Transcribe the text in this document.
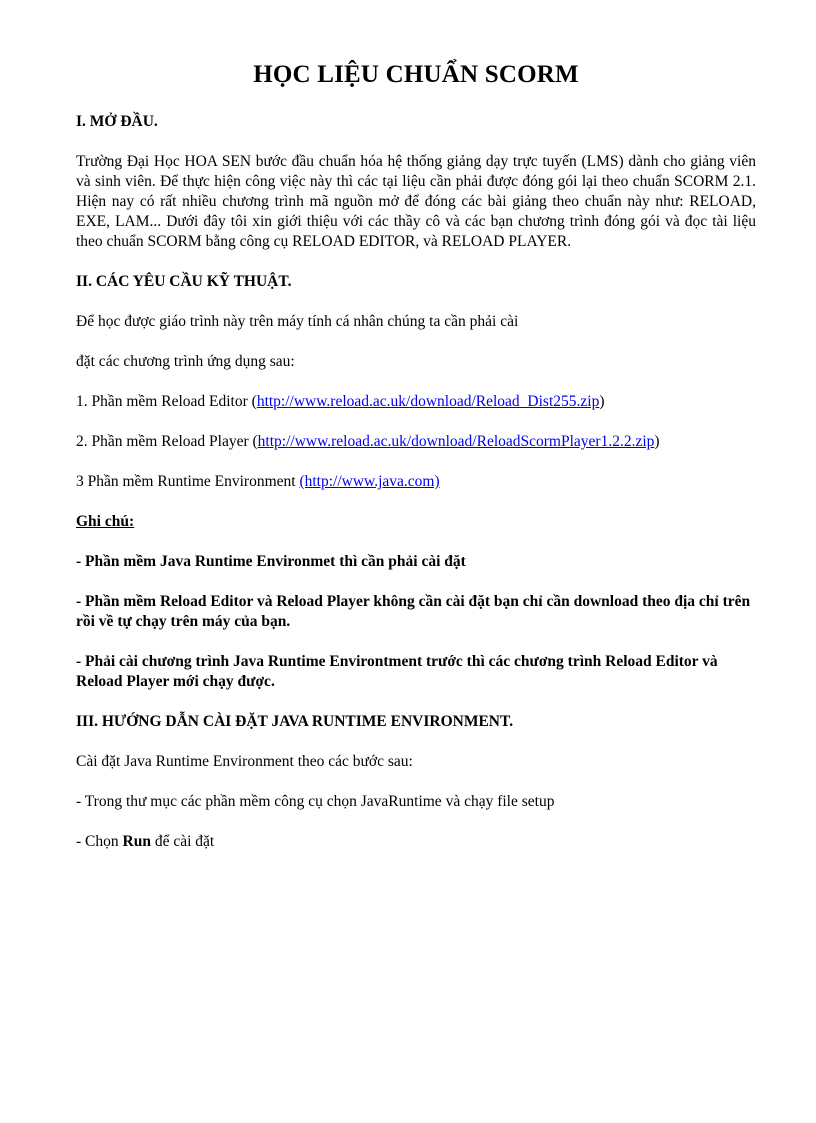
HỌC LIỆU CHUẨN SCORM

I. MỞ ĐẦU.

Trường Đại Học HOA SEN bước đầu chuẩn hóa hệ thống giảng dạy trực tuyến (LMS) dành cho giảng viên và sinh viên. Để thực hiện công việc này thì các tại liệu cần phải được đóng gói lại theo chuẩn SCORM 2.1. Hiện nay có rất nhiều chương trình mã nguồn mở để đóng các bài giảng theo chuẩn này như: RELOAD, EXE, LAM... Dưới đây tôi xin giới thiệu với các thầy cô và các bạn chương trình đóng gói và đọc tài liệu theo chuẩn SCORM bằng công cụ RELOAD EDITOR, và RELOAD PLAYER.

II. CÁC YÊU CẦU KỸ THUẬT.

Để học được giáo trình này trên máy tính cá nhân chúng ta cần phải cài

đặt các chương trình ứng dụng sau:

1. Phần mềm Reload Editor (http://www.reload.ac.uk/download/Reload_Dist255.zip)

2. Phần mềm Reload Player (http://www.reload.ac.uk/download/ReloadScormPlayer1.2.2.zip)

3 Phần mềm Runtime Environment (http://www.java.com)

Ghi chú:

- Phần mềm Java Runtime Environmet thì cần phải cài đặt

- Phần mềm Reload Editor và Reload Player không cần cài đặt bạn chỉ cần download theo địa chỉ trên rồi về tự chạy trên máy của bạn.

- Phải cài chương trình Java Runtime Environtment trước thì các chương trình Reload Editor và Reload Player mới chạy được.

III. HƯỚNG DẪN CÀI ĐẶT JAVA RUNTIME ENVIRONMENT.

Cài đặt Java Runtime Environment theo các bước sau:

- Trong thư mục các phần mềm công cụ chọn JavaRuntime và chạy file setup

- Chọn Run để cài đặt
